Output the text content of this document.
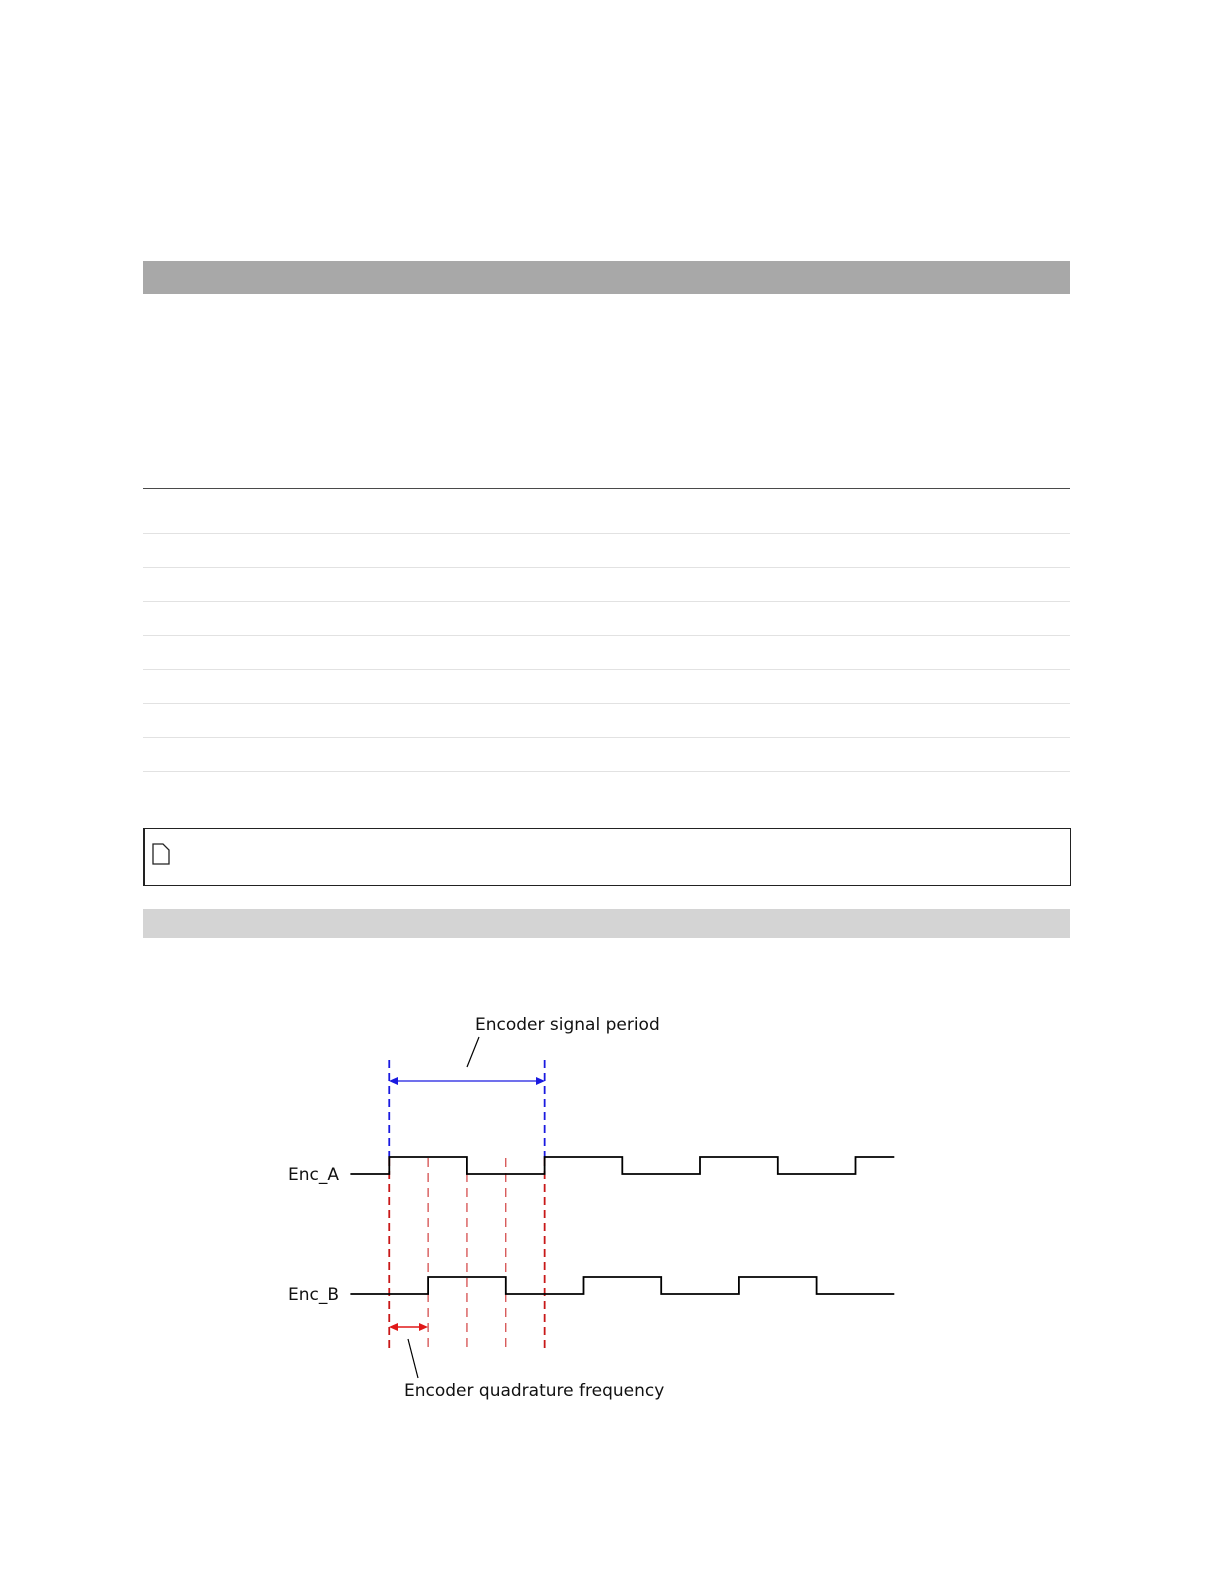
Encoder signal period
Encoder quadrature frequency
Enc_A
Enc_B
